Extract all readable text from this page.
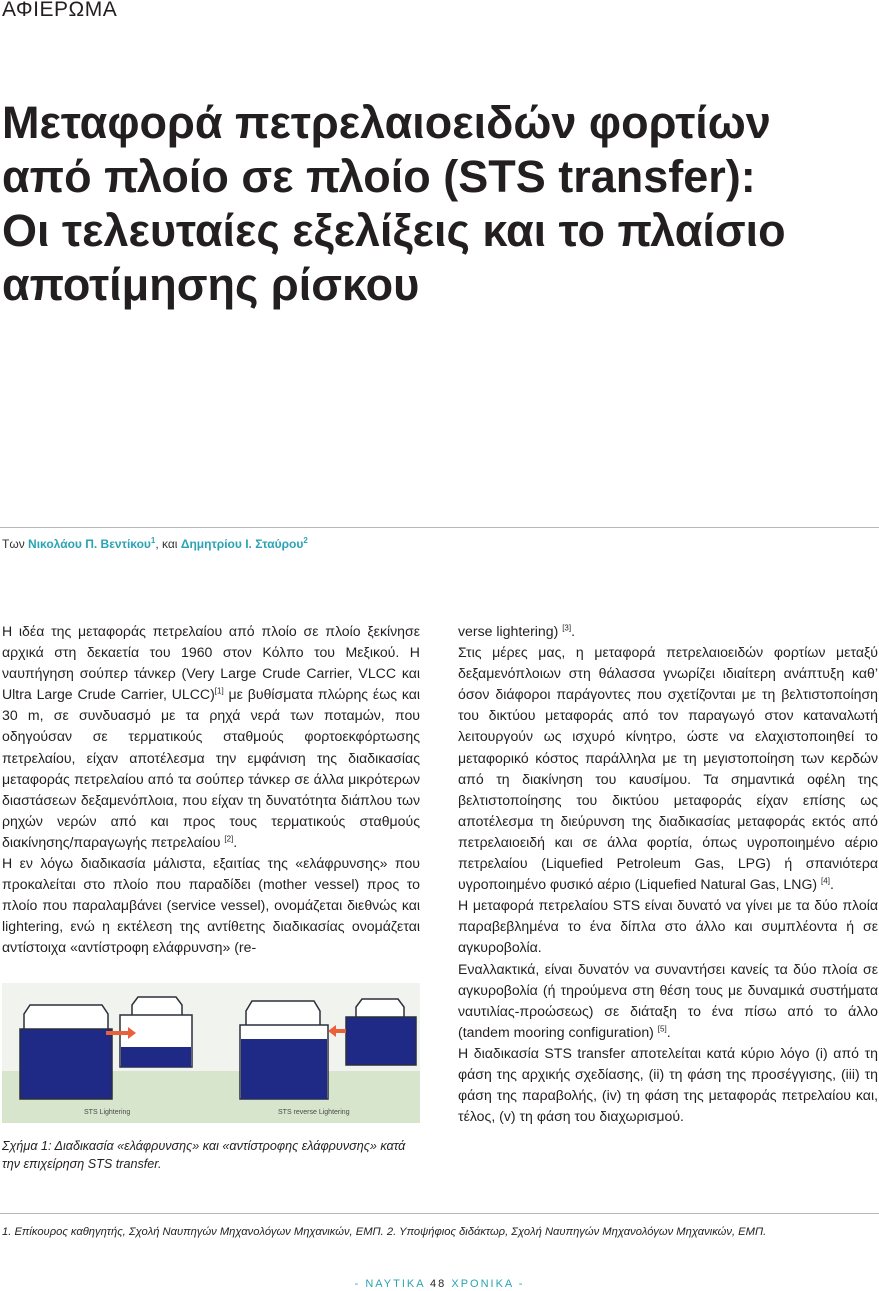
ΑΦΙΕΡΩΜΑ
Μεταφορά πετρελαιοειδών φορτίων
από πλοίο σε πλοίο (STS transfer):
Οι τελευταίες εξελίξεις και το πλαίσιο
αποτίμησης ρίσκου
Των Νικολάου Π. Βεντίκου$^1$, και Δημητρίου Ι. Σταύρου$^2$

Η ιδέα της μεταφοράς πετρελαίου από πλοίο σε πλοίο ξεκίνησε αρχικά στη δεκαετία του 1960 στον Κόλπο του Μεξικού. Η ναυπήγηση σούπερ τάνκερ (Very Large Crude Carrier, VLCC και Ultra Large Crude Carrier, ULCC)[1] με βυθίσματα πλώρης έως και 30 m, σε συνδυασμό με τα ρηχά νερά των ποταμών, που οδηγούσαν σε τερματικούς σταθμούς φορτοεκφόρτωσης πετρελαίου, είχαν αποτέλεσμα την εμφάνιση της διαδικασίας μεταφοράς πετρελαίου από τα σούπερ τάνκερ σε άλλα μικρότερων διαστάσεων δεξαμενόπλοια, που είχαν τη δυνατότητα διάπλου των ρηχών νερών από και προς τους τερματικούς σταθμούς διακίνησης/παραγωγής πετρελαίου [2].

Η εν λόγω διαδικασία μάλιστα, εξαιτίας της «ελάφρυνσης» που προκαλείται στο πλοίο που παραδίδει (mother vessel) προς το πλοίο που παραλαμβάνει (service vessel), ονομάζεται διεθνώς και lightering, ενώ η εκτέλεση της αντίθετης διαδικασίας ονομάζεται αντίστοιχα «αντίστροφη ελάφρυνση» (re-

STS Lightering	STS reverse Lightering
Σχήμα 1: Διαδικασία «ελάφρυνσης» και «αντίστροφης ελάφρυνσης» κατά την επιχείρηση STS transfer.

verse lightering) [3].

Στις μέρες μας, η μεταφορά πετρελαιοειδών φορτίων μεταξύ δεξαμενόπλοιων στη θάλασσα γνωρίζει ιδιαίτερη ανάπτυξη καθ’ όσον διάφοροι παράγοντες που σχετίζονται με τη βελτιστοποίηση του δικτύου μεταφοράς από τον παραγωγό στον καταναλωτή λειτουργούν ως ισχυρό κίνητρο, ώστε να ελαχιστοποιηθεί το μεταφορικό κόστος παράλληλα με τη μεγιστοποίηση των κερδών από τη διακίνηση του καυσίμου. Τα σημαντικά οφέλη της βελτιστοποίησης του δικτύου μεταφοράς είχαν επίσης ως αποτέλεσμα τη διεύρυνση της διαδικασίας μεταφοράς εκτός από πετρελαιοειδή και σε άλλα φορτία, όπως υγροποιημένο αέριο πετρελαίου (Liquefied Petroleum Gas, LPG) ή σπανιότερα υγροποιημένο φυσικό αέριο (Liquefied Natural Gas, LNG) [4].

Η μεταφορά πετρελαίου STS είναι δυνατό να γίνει με τα δύο πλοία παραβεβλημένα το ένα δίπλα στο άλλο και συμπλέοντα ή σε αγκυροβολία.

Εναλλακτικά, είναι δυνατόν να συναντήσει κανείς τα δύο πλοία σε αγκυροβολία (ή τηρούμενα στη θέση τους με δυναμικά συστήματα ναυτιλίας-προώσεως) σε διάταξη το ένα πίσω από το άλλο (tandem mooring configuration) [5].

Η διαδικασία STS transfer αποτελείται κατά κύριο λόγο (i) από τη φάση της αρχικής σχεδίασης, (ii) τη φάση της προσέγγισης, (iii) τη φάση της παραβολής, (iv) τη φάση της μεταφοράς πετρελαίου και, τέλος, (v) τη φάση του διαχωρισμού.

1. Επίκουρος καθηγητής, Σχολή Ναυπηγών Μηχανολόγων Μηχανικών, ΕΜΠ. 2. Υποψήφιος διδάκτωρ, Σχολή Ναυπηγών Μηχανολόγων Μηχανικών, ΕΜΠ.
- ΝΑΥΤΙΚΑ 48 ΧΡΟΝΙΚΑ -
